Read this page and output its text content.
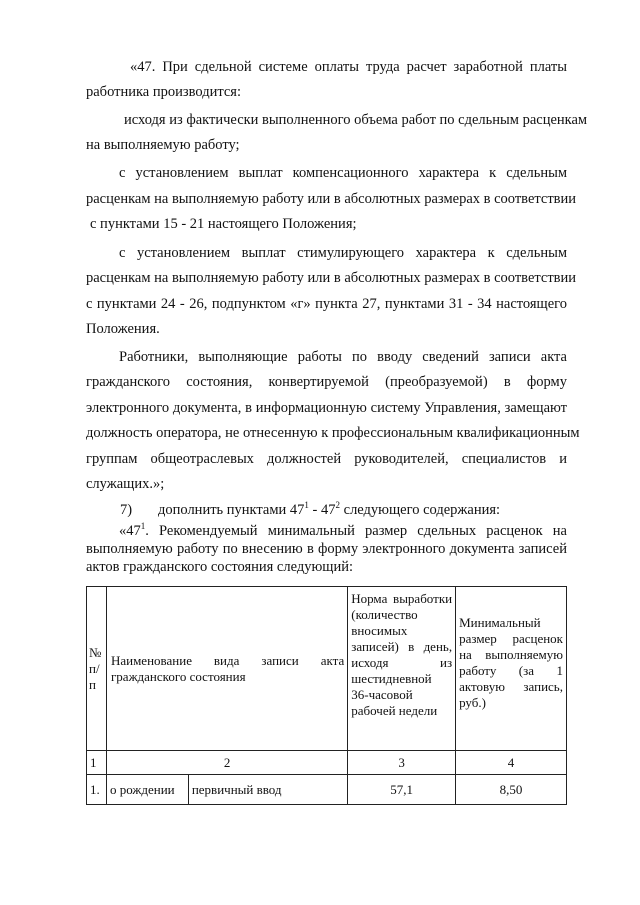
«47. При сдельной системе оплаты труда расчет заработной платы
работника производится:
исходя из фактически выполненного объема работ по сдельным расценкам
на выполняемую работу;
с установлением выплат компенсационного характера к сдельным
расценкам на выполняемую работу или в абсолютных размерах в соответствии
с пунктами 15 - 21 настоящего Положения;
с установлением выплат стимулирующего характера к сдельным
расценкам на выполняемую работу или в абсолютных размерах в соответствии
с пунктами 24 - 26, подпунктом «г» пункта 27, пунктами 31 - 34 настоящего
Положения.
Работники, выполняющие работы по вводу сведений записи акта
гражданского состояния, конвертируемой (преобразуемой) в форму
электронного документа, в информационную систему Управления, замещают
должность оператора, не отнесенную к профессиональным квалификационным
группам общеотраслевых должностей руководителей, специалистов и
служащих.»;
7) дополнить пунктами $47^1 - 47^2$ следующего содержания:
«$47^1$. Рекомендуемый минимальный размер сдельных расценок на
выполняемую работу по внесению в форму электронного документа записей
актов гражданского состояния следующий:
№ п/п	Наименование вида записи акта гражданского состояния		Норма выработки (количество вносимых записей) в день, исходя из шестидневной 36-часовой рабочей недели	Минимальный размер расценок на выполняемую работу (за 1 актовую запись, руб.)
1	2		3	4
1.	о рождении	первичный ввод	57,1	8,50
